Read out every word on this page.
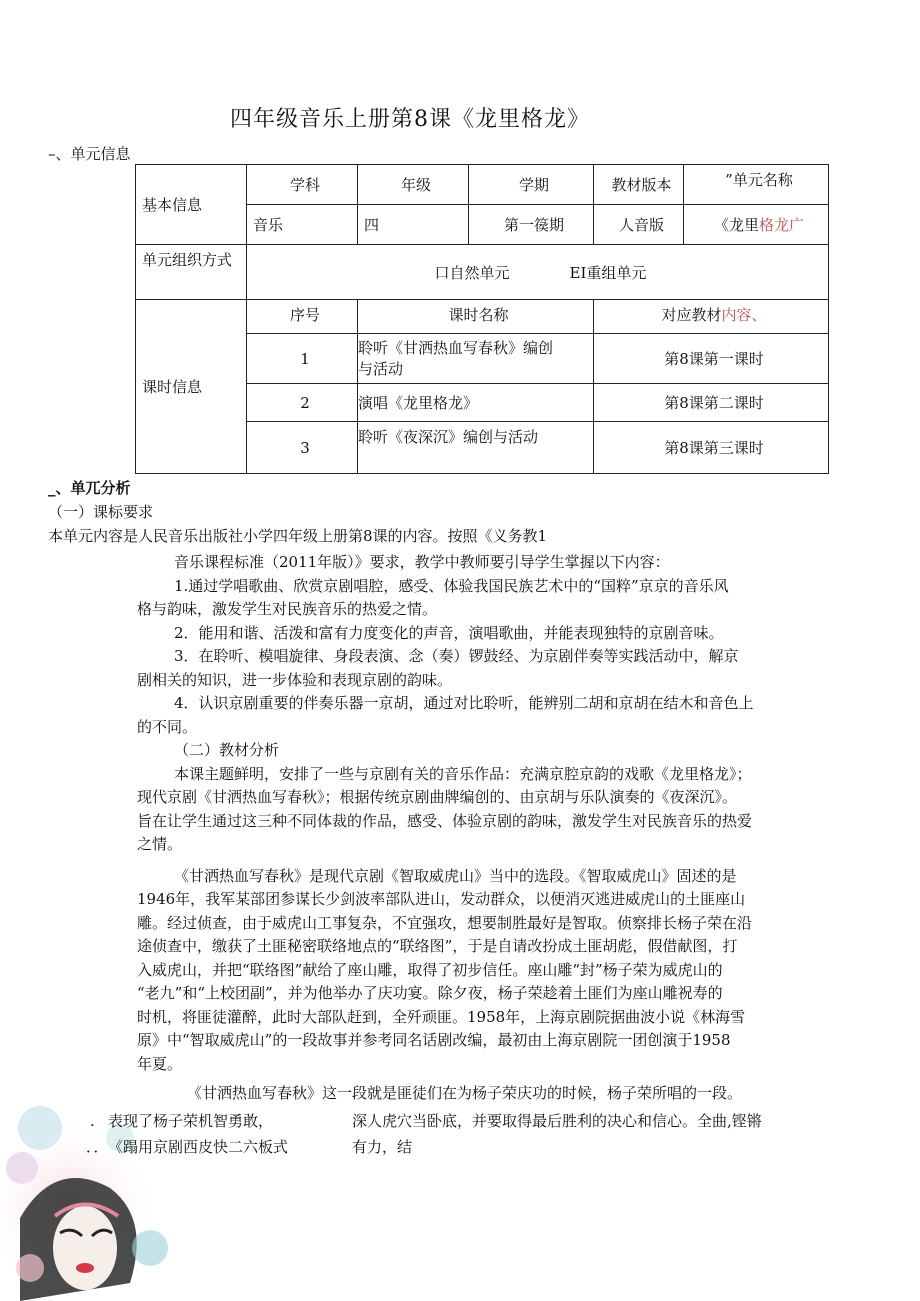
四年级音乐上册第8课《龙里格龙》
–、单元信息
基本信息	学科	年级	学期	教材版本	”单元名称
	音乐	四	第一篌期	人音版	《龙里格龙广
单元组织方式	口自然单元　　　　EI重组单元				
课时信息	序号	课时名称		对应教材内容、	
	1	聆听《甘洒热血写春秋》编创与活动		第8课第一课时	
	2	演唱《龙里格龙》		第8课第二课时	
	3	聆听《夜深沉》编创与活动		第8课第三课时	
_、单兀分析
（一）课标要求
本单元内容是人民音乐出版社小学四年级上册第8课的内容。按照《义务教1

音乐课程标准（2011年版）》要求，教学中教师要引导学生掌握以下内容：

1.通过学唱歌曲、欣赏京剧唱腔，感受、体验我国民族艺术中的“国粹”京京的音乐风

格与韵味，激发学生对民族音乐的热爱之情。

2．能用和谐、活泼和富有力度变化的声音，演唱歌曲，并能表现独特的京剧音味。

3．在聆听、模唱旋律、身段表演、念（奏）锣鼓经、为京剧伴奏等实践活动中，解京

剧相关的知识，进一步体验和表现京剧的韵味。

4．认识京剧重要的伴奏乐器一京胡，通过对比聆听，能辨别二胡和京胡在结木和音色上

的不同。

（二）教材分析

本课主题鲜明，安排了一些与京剧有关的音乐作品：充满京腔京韵的戏歌《龙里格龙》；

现代京剧《甘洒热血写春秋》；根据传统京剧曲牌编创的、由京胡与乐队演奏的《夜深沉》。

旨在让学生通过这三种不同体裁的作品，感受、体验京剧的韵味，激发学生对民族音乐的热爱

之情。

《甘洒热血写春秋》是现代京剧《智取威虎山》当中的选段。《智取威虎山》固述的是

1946年，我军某部团参谋长少剑波率部队进山，发动群众，以便消灭逃进威虎山的土匪座山

雕。经过侦查，由于威虎山工事复杂，不宜强攻，想要制胜最好是智取。侦察排长杨子荣在沿

途侦查中，缴获了土匪秘密联络地点的“联络图”，于是自请改扮成土匪胡彪，假借献图，打

入威虎山，并把“联络图”献给了座山雕，取得了初步信任。座山雕“封”杨子荣为威虎山的

“老九”和“上校团副”，并为他举办了庆功宴。除夕夜，杨子荣趁着土匪们为座山雕祝寿的

时机，将匪徒灌醉，此时大部队赶到，全歼顽匪。1958年，上海京剧院据曲波小说《林海雪

原》中“智取威虎山”的一段故事并参考同名话剧改编，最初由上海京剧院一团创演于1958

年夏。

《甘洒热血写春秋》这一段就是匪徒们在为杨子荣庆功的时候，杨子荣所唱的一段。

. 表现了杨子荣机智勇敢，	深人虎穴当卧底，并要取得最后胜利的决心和信心。全曲,铿锵
．． 《蹋用京剧西皮快二六板式	有力，结
